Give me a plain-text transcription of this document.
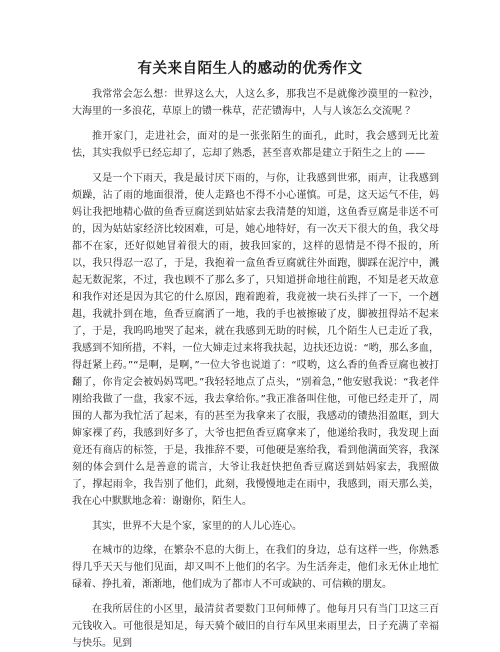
有关来自陌生人的感动的优秀作文

我常常会怎么想：世界这么大，人这么多，那我岂不是就像沙漠里的一粒沙，大海里的一多浪花，草原上的镄一株草，茫茫镄海中，人与人该怎么交流呢 ？

推开家门，走进社会，面对的是一张张陌生的面孔，此时，我会感到无比羞怯，其实我似乎已经忘却了，忘却了熟悉，甚至喜欢都是建立于陌生之上的 ——

又是一个下雨天，我是最讨厌下雨的，与你，让我感到世邪，雨声，让我感到烦躁，沾了雨的地面很滑，使人走路也不得不小心谨慎。可是，这天运气不佳，妈妈让我把地精心做的鱼香豆腐送到姑姑家去我清楚的知道，这鱼香豆腐是非送不可的，因为姑姑家经济比较困难，可是，她心地特好，有一次天下很大的鱼，我父母都不在家，还好似她冒着很大的雨，披我回家的，这样的恩情是不得不报的，所以，我只得忍一忍了，于是，我抱着一盒鱼香豆腐就往外面跑，脚踩在泥泞中，溅起无数泥浆，不过，我也顾不了那么多了，只知道拼命地往前跑，不知是老天故意和我作对还是因为其它的什么原因，跑着跑着，我竟被一块石头拌了一下，一个趔趄，我就扑到在地，鱼香豆腐洒了一地，我的手也被擦破了皮，脚被扭得站不起来了，于是，我呜呜地哭了起来，就在我感到无助的时候，几个陌生人已走近了我，我感到不知所措，不料，一位大婶走过来将我扶起，边扶还边说：“哟，那么多血，得赶紧上药。”“是啊，是啊，”一位大爷也说道了：“哎哟，这么香的鱼香豆腐也被打翻了，你肯定会被妈妈骂吧。”我轻轻地点了点头，“别着急，”他安慰我说：“我老伴刚给我做了一盘，我家不远，我去拿给你。”我正准备叫住他，可他已经走开了，周围的人都为我忙活了起来，有的甚至为我拿来了衣服，我感动的镄热泪盈眶，到大婶家裸了药，我感到好多了，大爷也把鱼香豆腐拿来了，他递给我时，我发现上面竟还有商店的标签，于是，我推辞不要，可他硬是塞给我，看到他满面笑容，我深刻的体会到什么是善意的谎言，大爷让我赶快把鱼香豆腐送到姑妈家去，我照做了，撑起雨伞，我告别了他们，此刻，我慢慢地走在雨中，我感到，雨天那么美，我在心中默默地念着：谢谢你，陌生人。

其实，世界不大是个家，家里的的人儿心连心。

在城市的边缘，在繁杂不息的大街上，在我们的身边，总有这样一些，你熟悉得几乎天天与他们见面，却又叫不上他们的名字。为生活奔走，他们永无休止地忙碌着、挣扎着，渐渐地，他们成为了都市人不可或缺的、可信赖的朋友。

在我所居住的小区里，最清贫者要数门卫何师傅了。他每月只有当门卫这三百元钱收入。可他很是知足，每天骑个破旧的自行车风里来雨里去，日子充满了幸福与快乐。见到
